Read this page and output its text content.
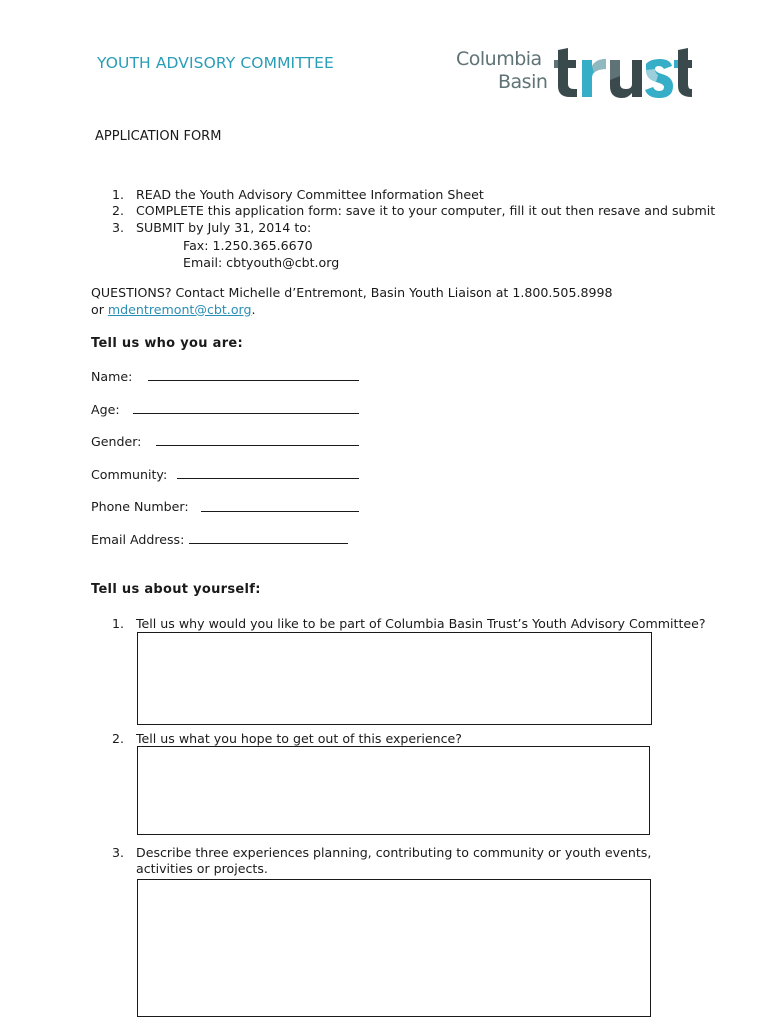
YOUTH ADVISORY COMMITTEE	Columbia
Basin
APPLICATION FORM
1. READ the Youth Advisory Committee Information Sheet
2. COMPLETE this application form: save it to your computer, fill it out then resave and submit
3. SUBMIT by July 31, 2014 to:
Fax: 1.250.365.6670
Email: cbtyouth@cbt.org
QUESTIONS? Contact Michelle d’Entremont, Basin Youth Liaison at 1.800.505.8998
or mdentremont@cbt.org.
Tell us who you are:
Name:
Age:
Gender:
Community:
Phone Number:
Email Address:
Tell us about yourself:
1. Tell us why would you like to be part of Columbia Basin Trust’s Youth Advisory Committee?
2. Tell us what you hope to get out of this experience?
3. Describe three experiences planning, contributing to community or youth events,
activities or projects.
